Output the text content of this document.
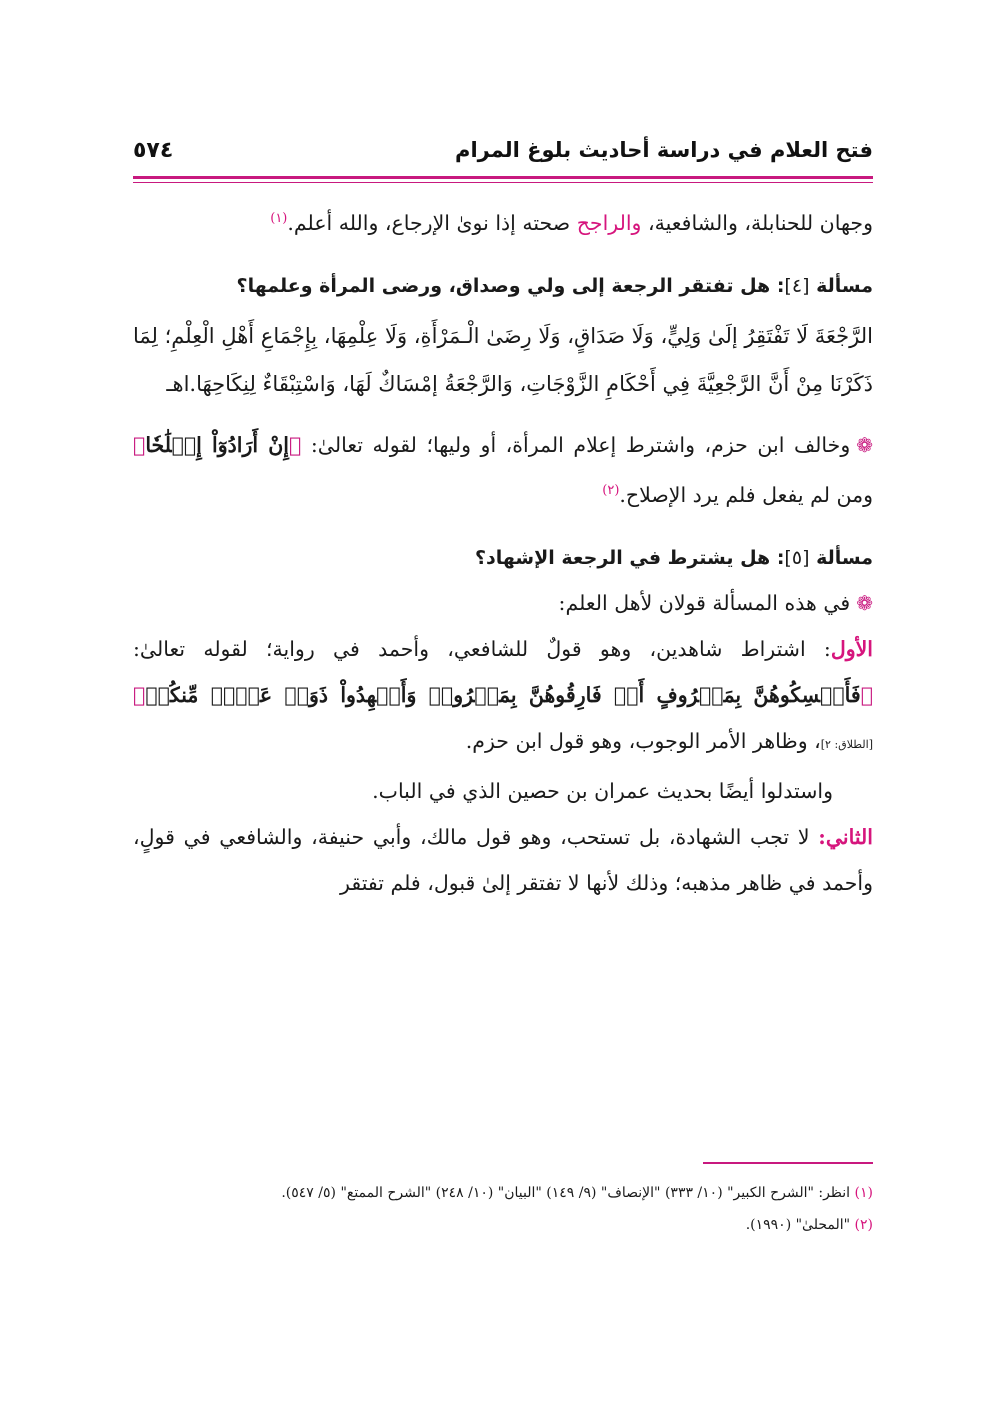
فتح العلام في دراسة أحاديث بلوغ المرام
٥٧٤

وجهان للحنابلة، والشافعية، والراجح صحته إذا نوىٰ الإرجاع، والله أعلم.$^{(١)}$

مسألة [٤]: هل تفتقر الرجعة إلى ولي وصداق، ورضى المرأة وعلمها؟

الرَّجْعَةَ لَا تَفْتَقِرُ إلَىٰ وَلِيٍّ، وَلَا صَدَاقٍ، وَلَا رِضَىٰ الْـمَرْأَةِ، وَلَا عِلْمِهَا، بِإِجْمَاعِ أَهْلِ الْعِلْمِ؛ لِمَا ذَكَرْنَا مِنْ أَنَّ الرَّجْعِيَّةَ فِي أَحْكَامِ الزَّوْجَاتِ، وَالرَّجْعَةُ إمْسَاكٌ لَهَا، وَاسْتِبْقَاءٌ لِنِكَاحِهَا.اهـ

❁وخالف ابن حزم، واشترط إعلام المرأة، أو وليها؛ لقوله تعالىٰ: ﴿إِنْ أَرَادُوٓاْ إِصۡلَٰحٗا﴾ ومن لم يفعل فلم يرد الإصلاح.$^{(٢)}$

مسألة [٥]: هل يشترط في الرجعة الإشهاد؟

❁في هذه المسألة قولان لأهل العلم:

الأول: اشتراط شاهدين، وهو قولٌ للشافعي، وأحمد في رواية؛ لقوله تعالىٰ: ﴿فَأَمۡسِكُوهُنَّ بِمَعۡرُوفٍ أَوۡ فَارِقُوهُنَّ بِمَعۡرُوفٖ وَأَشۡهِدُواْ ذَوَيۡ عَدۡلٖ مِّنكُمۡ﴾ [الطلاق: ٢]، وظاهر الأمر الوجوب، وهو قول ابن حزم.

واستدلوا أيضًا بحديث عمران بن حصين الذي في الباب.

الثاني: لا تجب الشهادة، بل تستحب، وهو قول مالك، وأبي حنيفة، والشافعي في قولٍ، وأحمد في ظاهر مذهبه؛ وذلك لأنها لا تفتقر إلىٰ قبول، فلم تفتقر

(١) انظر: "الشرح الكبير" (١٠/ ٣٣٣) "الإنصاف" (٩/ ١٤٩) "البيان" (١٠/ ٢٤٨) "الشرح الممتع" (٥/ ٥٤٧).
(٢) "المحلىٰ" (١٩٩٠).
